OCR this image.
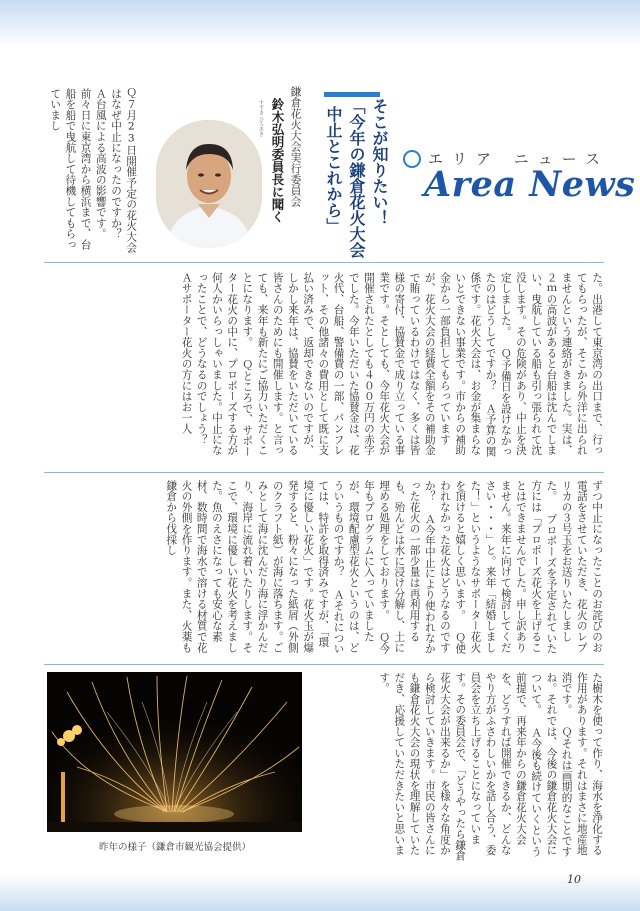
そこが知りたい！
「今年の鎌倉花火大会
中止とこれから」
鎌倉花火大会実行委員会
鈴木弘明委員長に聞く
すずき ひろあき
エリア ニュース
Area News
Ｑ７月23日開催予定の花火大会はなぜ中止になったのですか？ Ａ台風による高波の影響です。前々日に東京湾から横浜まで、台船を船で曳航して待機してもらっていまし
た。出港して東京湾の出口まで、行ってもらったが、そこから外洋に出られませんという連絡がきました。実は、２ｍの高波があると台船は沈んでしまい、曳航している船も引っ張られて沈没します。その危険があり、中止を決定しました。 Ｑ予備日を設けなかったのはどうしてですか？ Ａ予算の関係です。花火大会は、お金が集まらないとできない事業です。市からの補助金から一部負担してもらっていますが、花火大会の経費全額をその補助金で賄っているわけではなく、多くは皆様の寄付、協賛金で成り立っている事業です。そとしても、今年花火大会が開催されたとしても４００万円の赤字でした。今年いただいた協賛金は、花火代、台船、警備費の一部、パンフレット、その他諸々の費用として既に支払い済みで、返却できないのですが、しかし来年は、協賛をいただいている皆さんのためにも開催します。と言っても、来年も新たにご協力いただくことになります。 Ｑところで、サポーター花火の中に、プロポーズする方が何人かいらっしゃいました。中止になったことで、どうなるのでしょう？ Ａサポーター花火の方にはお一人
ずつ中止になったことのお詫びのお電話をさせていただき、花火のレプリカの３号玉をお送りいたしました。 プロポーズを予定されていた方には「プロポーズ花火を上げることはできませんでした。申し訳ありません。来年に向けて検討してください・・・」と。来年「結婚しました！」というようなサポーター花火を頂けると嬉しく思います。 Ｑ使われなかった花火はどうなるのですか？ Ａ今年中止により使われなかった花火の一部少量は再利用するも、殆んどは水に浸け分解し、土に埋める処理をしております。 Ｑ今年もプログラムに入っていましたが、環境配慮型花火というのは、どういうものですか？ Ａそれについては、特許を取得済みですが、「環境に優しい花火」です。花火玉が爆発すると、粉々になった紙屑（外側のクラフト紙）が海に落ちます。ごみとして海に沈んだり海に浮かんだり、海岸に流れ着いたりします。そこで、環境に優しい花火を考えました。魚のえさになっても安心な素材、数時間で海水で溶ける材質で花火の外側を作ります。また、火薬も鎌倉から伐採し
た樹木を使って作り、海水を浄化する作用があります。それはまさに地産地消です。 Ｑそれは画期的なことですね。それでは、今後の鎌倉花火大会について。 Ａ今後も続けていくという前提で、再来年からの鎌倉花火大会を、どうすれば開催できるか、どんなやり方がふさわしいかを話し合う、委員会を立ち上げることになっています。その委員会で、「どうやったら鎌倉花火大会が出来るか」を様々な角度から検討していきます。市民の皆さんにも鎌倉花火大会の現状を理解していただき、応援していただきたいと思います。
昨年の様子（鎌倉市観光協会提供）
10
